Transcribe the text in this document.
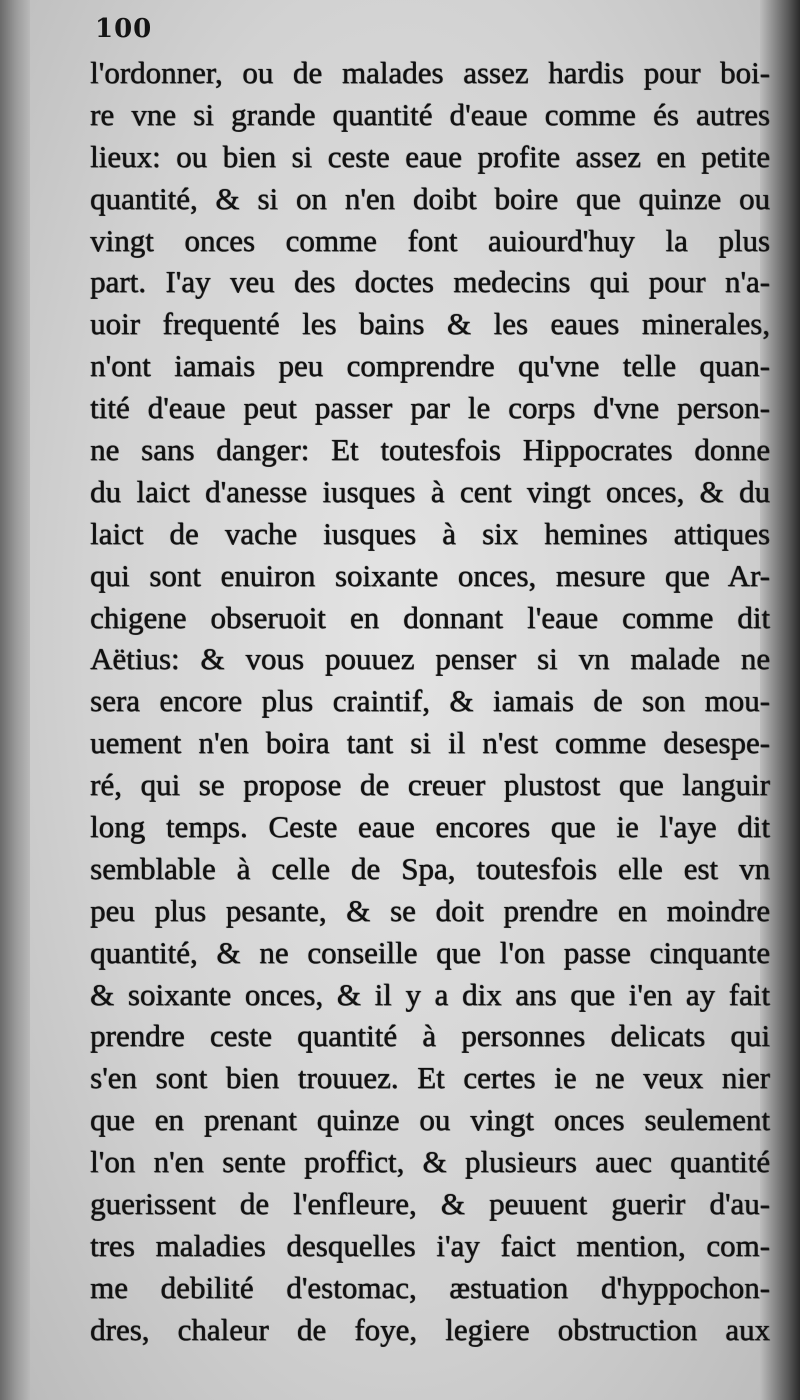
100
l'ordonner, ou de malades assez hardis pour boi-
re vne si grande quantité d'eaue comme és autres
lieux: ou bien si ceste eaue profite assez en petite
quantité, & si on n'en doibt boire que quinze ou
vingt onces comme font auiourd'huy la plus
part. I'ay veu des doctes medecins qui pour n'a-
uoir frequenté les bains & les eaues minerales,
n'ont iamais peu comprendre qu'vne telle quan-
tité d'eaue peut passer par le corps d'vne person-
ne sans danger: Et toutesfois Hippocrates donne
du laict d'anesse iusques à cent vingt onces, & du
laict de vache iusques à six hemines attiques
qui sont enuiron soixante onces, mesure que Ar-
chigene obseruoit en donnant l'eaue comme dit
Aëtius: & vous pouuez penser si vn malade ne
sera encore plus craintif, & iamais de son mou-
uement n'en boira tant si il n'est comme desespe-
ré, qui se propose de creuer plustost que languir
long temps. Ceste eaue encores que ie l'aye dit
semblable à celle de Spa, toutesfois elle est vn
peu plus pesante, & se doit prendre en moindre
quantité, & ne conseille que l'on passe cinquante
& soixante onces, & il y a dix ans que i'en ay fait
prendre ceste quantité à personnes delicats qui
s'en sont bien trouuez. Et certes ie ne veux nier
que en prenant quinze ou vingt onces seulement
l'on n'en sente proffict, & plusieurs auec quantité
guerissent de l'enfleure, & peuuent guerir d'au-
tres maladies desquelles i'ay faict mention, com-
me debilité d'estomac, æstuation d'hyppochon-
dres, chaleur de foye, legiere obstruction aux
